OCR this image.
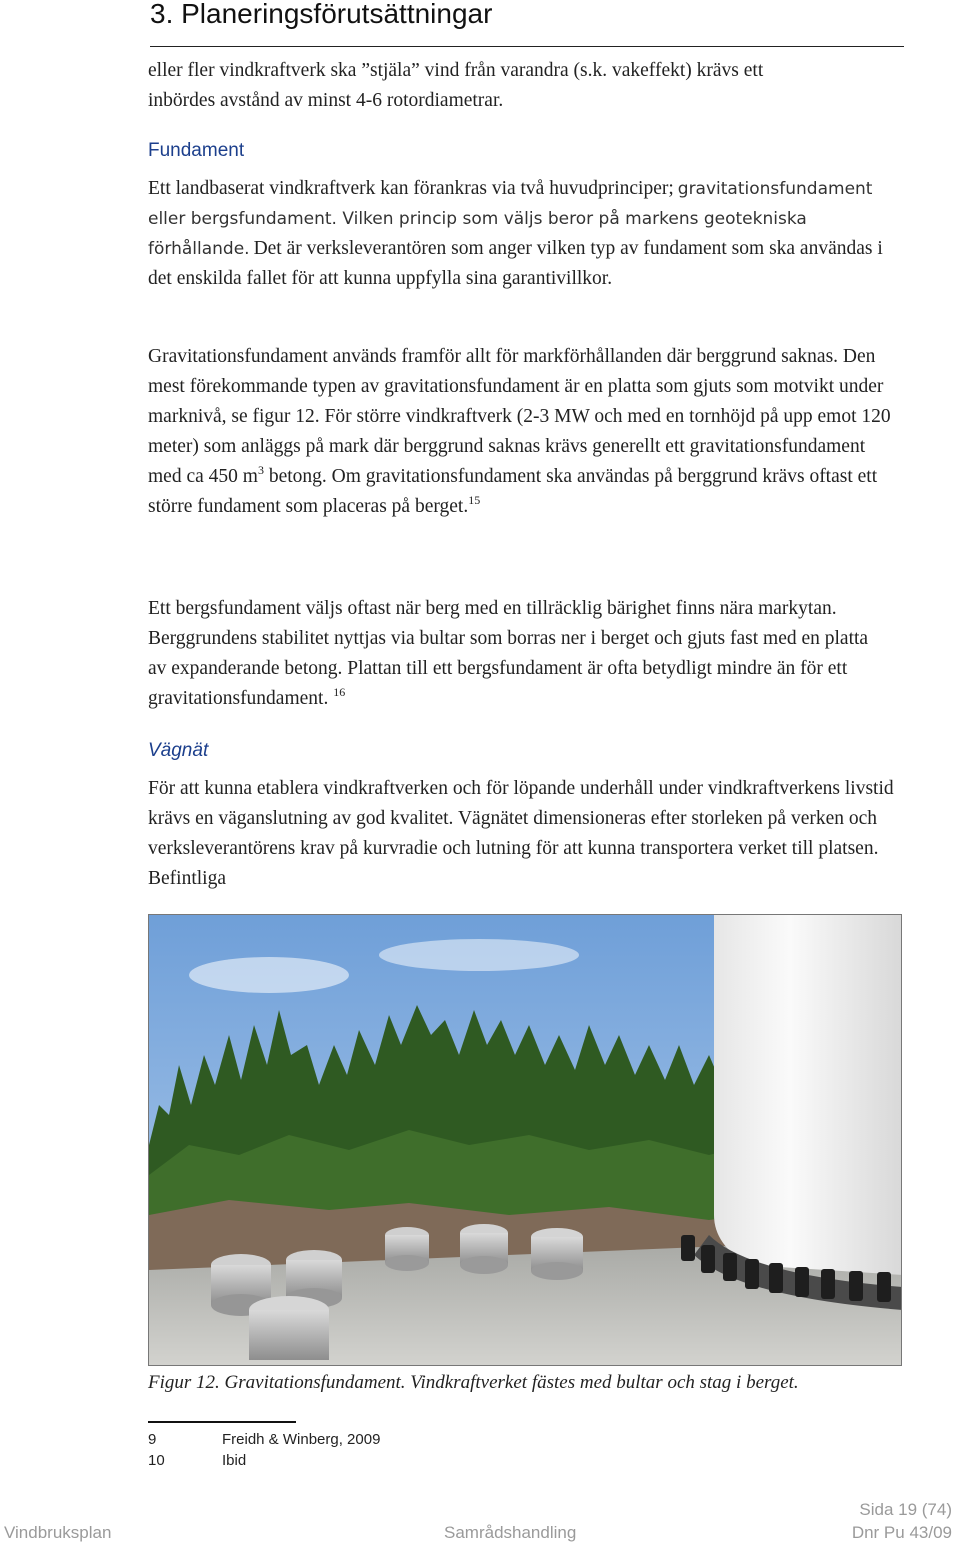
3. Planeringsförutsättningar

eller fler vindkraftverk ska ”stjäla” vind från varandra (s.k. vakeffekt) krävs ett
inbördes avstånd av minst 4-6 rotordiametrar.

Fundament

Ett landbaserat vindkraftverk kan förankras via två huvudprinciper; gravitationsfundament eller bergsfundament. Vilken princip som väljs beror på markens geotekniska förhållande. Det är verksleverantören som anger vilken typ av fundament som ska användas i det enskilda fallet för att kunna uppfylla sina garantivillkor.

Gravitationsfundament används framför allt för markförhållanden där berggrund saknas. Den mest förekommande typen av gravitationsfundament är en platta som gjuts som motvikt under marknivå, se figur 12. För större vindkraftverk (2-3 MW och med en tornhöjd på upp emot 120 meter) som anläggs på mark där berggrund saknas krävs generellt ett gravitationsfundament med ca 450 $m^3$ betong. Om gravitationsfundament ska användas på berggrund krävs oftast ett större fundament som placeras på berget.$^{15}$

Ett bergsfundament väljs oftast när berg med en tillräcklig bärighet finns nära markytan. Berggrundens stabilitet nyttjas via bultar som borras ner i berget och gjuts fast med en platta av expanderande betong. Plattan till ett bergsfundament är ofta betydligt mindre än för ett gravitationsfundament. $^{16}$

Vägnät

För att kunna etablera vindkraftverken och för löpande underhåll under vindkraftverkens livstid krävs en väganslutning av god kvalitet. Vägnätet dimensioneras efter storleken på verken och verksleverantörens krav på kurvradie och lutning för att kunna transportera verket till platsen. Befintliga

Figur 12. Gravitationsfundament. Vindkraftverket fästes med bultar och stag i berget.

9	Freidh & Winberg, 2009
10	Ibid
Sida 19 (74)
Vindbruksplan	Samrådshandling	Dnr Pu 43/09
